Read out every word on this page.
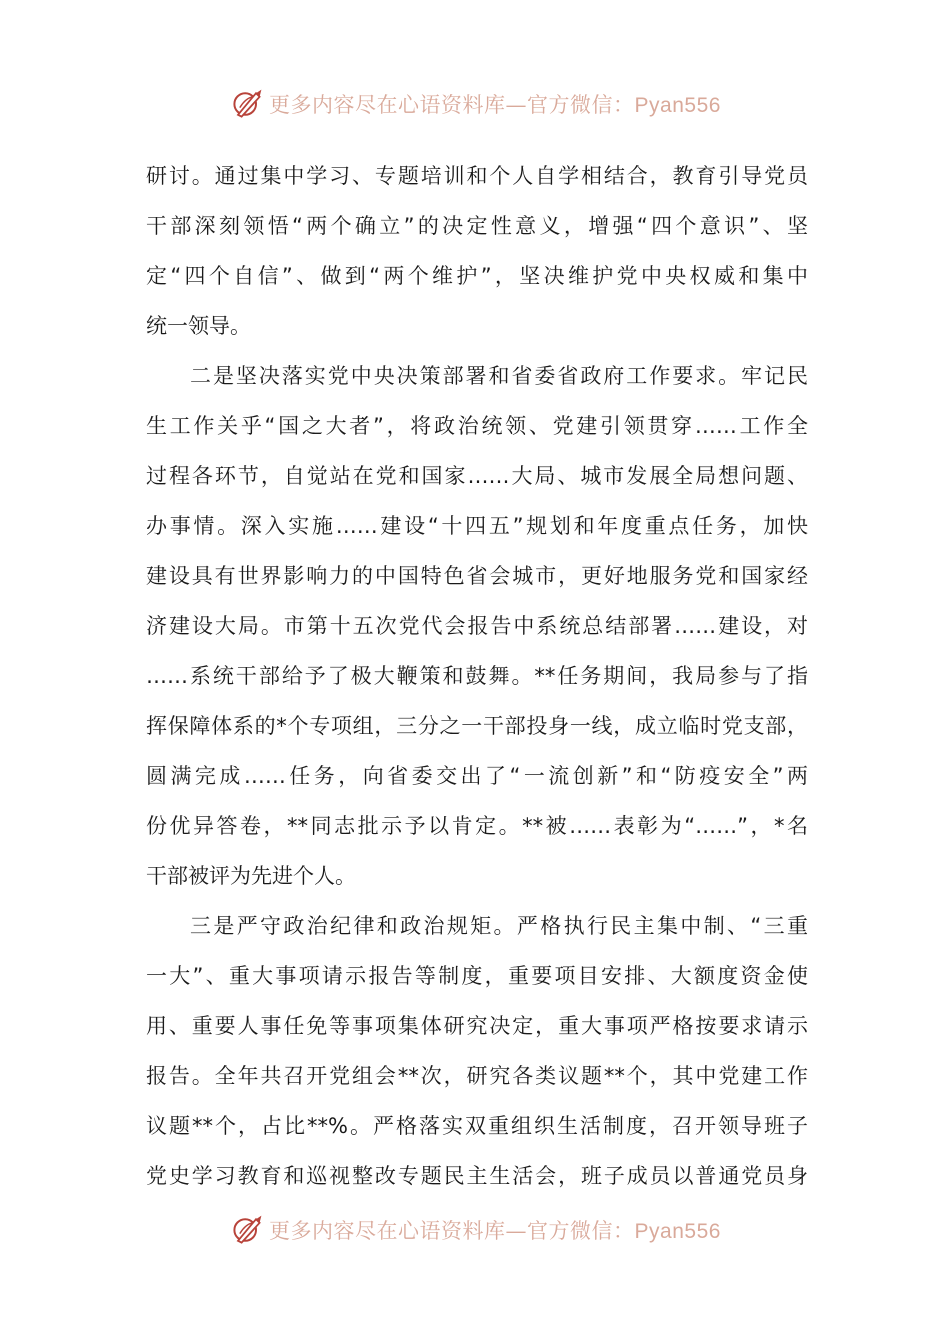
更多内容尽在心语资料库—官方微信：Pyan556
研讨。通过集中学习、专题培训和个人自学相结合，教育引导党员
干部深刻领悟“两个确立”的决定性意义，增强“四个意识”、坚
定“四个自信”、做到“两个维护”，坚决维护党中央权威和集中
统一领导。
二是坚决落实党中央决策部署和省委省政府工作要求。牢记民
生工作关乎“国之大者”，将政治统领、党建引领贯穿……工作全
过程各环节，自觉站在党和国家……大局、城市发展全局想问题、
办事情。深入实施……建设“十四五”规划和年度重点任务，加快
建设具有世界影响力的中国特色省会城市，更好地服务党和国家经
济建设大局。市第十五次党代会报告中系统总结部署……建设，对
……系统干部给予了极大鞭策和鼓舞。**任务期间，我局参与了指
挥保障体系的*个专项组，三分之一干部投身一线，成立临时党支部，
圆满完成……任务，向省委交出了“一流创新”和“防疫安全”两
份优异答卷，**同志批示予以肯定。**被……表彰为“……”，*名
干部被评为先进个人。
三是严守政治纪律和政治规矩。严格执行民主集中制、“三重
一大”、重大事项请示报告等制度，重要项目安排、大额度资金使
用、重要人事任免等事项集体研究决定，重大事项严格按要求请示
报告。全年共召开党组会**次，研究各类议题**个，其中党建工作
议题**个，占比**%。严格落实双重组织生活制度，召开领导班子
党史学习教育和巡视整改专题民主生活会，班子成员以普通党员身
更多内容尽在心语资料库—官方微信：Pyan556
